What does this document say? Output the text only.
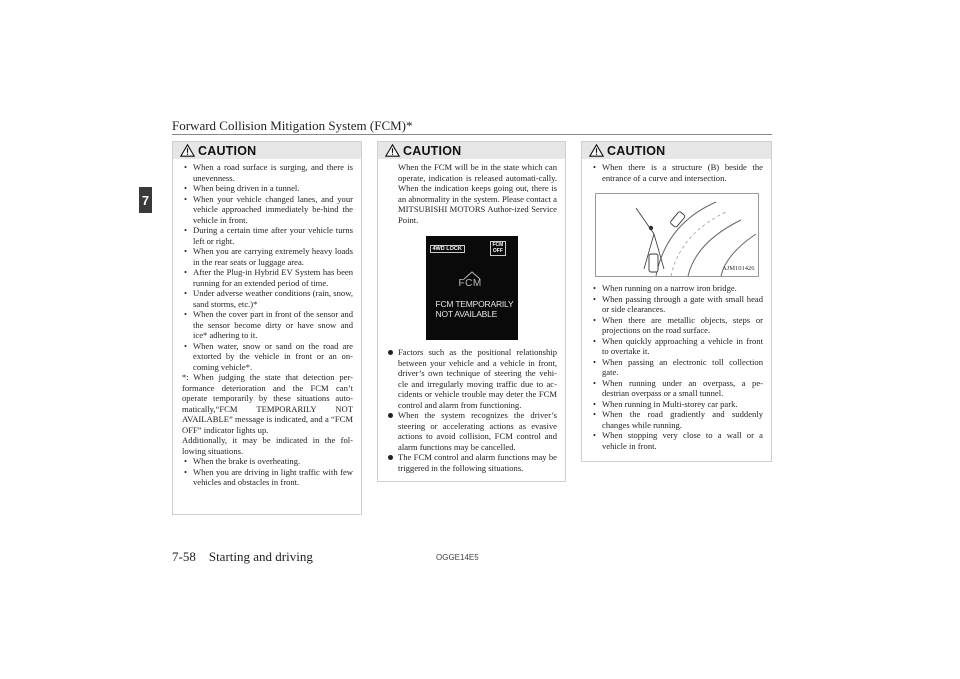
Forward Collision Mitigation System (FCM)*
7
CAUTION
• When a road surface is surging, and there is unevenness.
• When being driven in a tunnel.
• When your vehicle changed lanes, and your vehicle approached immediately be-hind the vehicle in front.
• During a certain time after your vehicle turns left or right.
• When you are carrying extremely heavy loads in the rear seats or luggage area.
• After the Plug-in Hybrid EV System has been running for an extended period of time.
• Under adverse weather conditions (rain, snow, sand storms, etc.)*
• When the cover part in front of the sensor and the sensor become dirty or have snow and ice* adhering to it.
• When water, snow or sand on the road are extorted by the vehicle in front or an on-coming vehicle*.

*: When judging the state that detection per-formance deterioration and the FCM can’t operate temporarily by these situations auto-matically,“FCM TEMPORARILY NOT AVAILABLE” message is indicated, and a “FCM OFF” indicator lights up.

Additionally, it may be indicated in the fol-lowing situations.

• When the brake is overheating.
• When you are driving in light traffic with few vehicles and obstacles in front.
CAUTION

When the FCM will be in the state which can operate, indication is released automati-cally. When the indication keeps going out, there is an abnormality in the system. Please contact a MITSUBISHI MOTORS Author-ized Service Point.

4WD LOCK
FCM
OFF
FCM
FCM TEMPORARILY
NOT AVAILABLE
Factors such as the positional relationship between your vehicle and a vehicle in front, driver’s own technique of steering the vehi-cle and irregularly moving traffic due to ac-cidents or vehicle trouble may deter the FCM control and alarm from functioning.
When the system recognizes the driver’s steering or accelerating actions as evasive actions to avoid collision, FCM control and alarm functions may be cancelled.
The FCM control and alarm functions may be triggered in the following situations.
CAUTION
• When there is a structure (B) beside the entrance of a curve and intersection.
AJM101426
• When running on a narrow iron bridge.
• When passing through a gate with small head or side clearances.
• When there are metallic objects, steps or projections on the road surface.
• When quickly approaching a vehicle in front to overtake it.
• When passing an electronic toll collection gate.
• When running under an overpass, a pe-destrian overpass or a small tunnel.
• When running in Multi-storey car park.
• When the road gradiently and suddenly changes while running.
• When stopping very close to a wall or a vehicle in front.
7-58 Starting and driving	OGGE14E5
